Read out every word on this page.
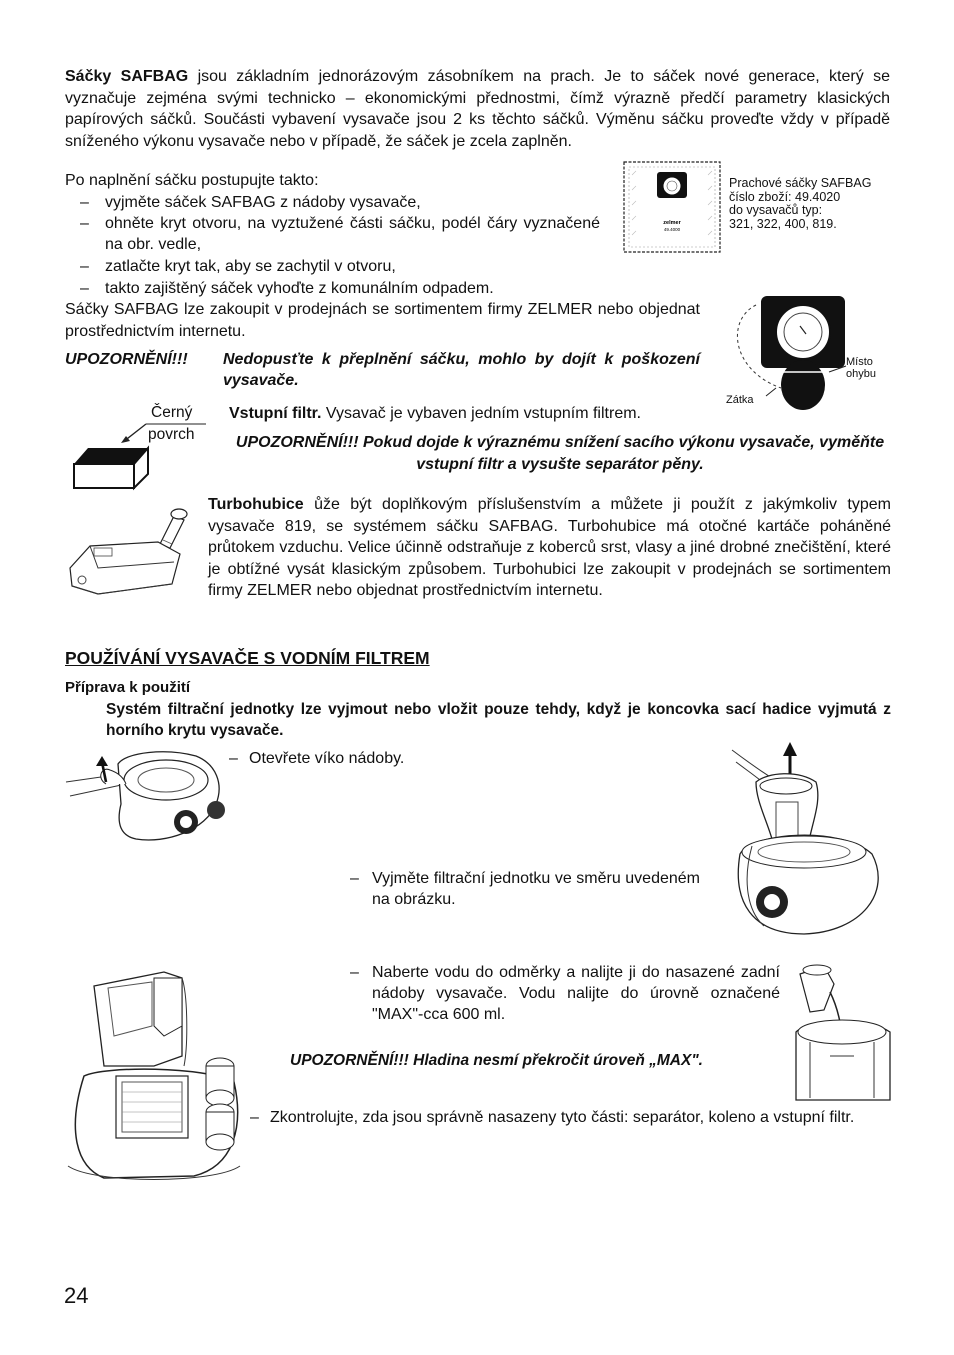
Sáčky SAFBAG jsou základním jednorázovým zásobníkem na prach. Je to sáček nové generace, který se vyznačuje zejména svými technicko – ekonomickými přednostmi, čímž výrazně předčí parametry klasických papírových sáčků. Součásti vybavení vysavače jsou 2 ks těchto sáčků. Výměnu sáčku proveďte vždy v případě sníženého výkonu vysavače nebo v případě, že sáček je zcela zaplněn.

Po naplnění sáčku postupujte takto:
–	vyjměte sáček SAFBAG z nádoby vysavače,
–	ohněte kryt otvoru, na vyztužené části sáčku, podél čáry vyznačené na obr. vedle,
–	zatlačte kryt tak, aby se zachytil v otvoru,
–	takto zajištěný sáček vyhoďte z komunálním odpadem.

Sáčky SAFBAG lze zakoupit v prodejnách se sortimentem firmy ZELMER nebo objednat prostřednictvím internetu.

UPOZORNĚNÍ!!! Nedopusťte k přeplnění sáčku, mohlo by dojít k poškození vysavače.
zelmer
49.4000
Prachové sáčky SAFBAG
číslo zboží: 49.4020
do vysavačů typ:
321, 322, 400, 819.
Místo
ohybu
Zátka
Černý
povrch
Vstupní filtr. Vysavač je vybaven jedním vstupním filtrem.
UPOZORNĚNÍ!!! Pokud dojde k výraznému snížení sacího výkonu vysavače, vyměňte vstupní filtr a vysušte separátor pěny.

Turbohubice ůže být doplňkovým příslušenstvím a můžete ji použít z jakýmkoliv typem vysavače 819, se systémem sáčku SAFBAG. Turbohubice má otočné kartáče poháněné průtokem vzduchu. Velice účinně odstraňuje z koberců srst, vlasy a jiné drobné znečištění, které je obtížné vysát klasickým způsobem. Turbohubici lze zakoupit v prodejnách se sortimentem firmy ZELMER nebo objednat prostřednictvím internetu.

POUŽÍVÁNÍ VYSAVAČE S VODNÍM FILTREM
Příprava k použití

Systém filtrační jednotky lze vyjmout nebo vložit pouze tehdy, když je koncovka sací hadice vyjmutá z horního krytu vysavače.

– Otevřete víko nádoby.
– Vyjměte filtrační jednotku ve směru uvedeném na obrázku.
– Naberte vodu do odměrky a nalijte ji do nasazené zadní nádoby vysavače. Vodu nalijte do úrovně označené "MAX"-cca 600 ml.
UPOZORNĚNÍ!!! Hladina nesmí překročit úroveň „MAX".
– Zkontrolujte, zda jsou správně nasazeny tyto části: separátor, koleno a vstupní filtr.
24
